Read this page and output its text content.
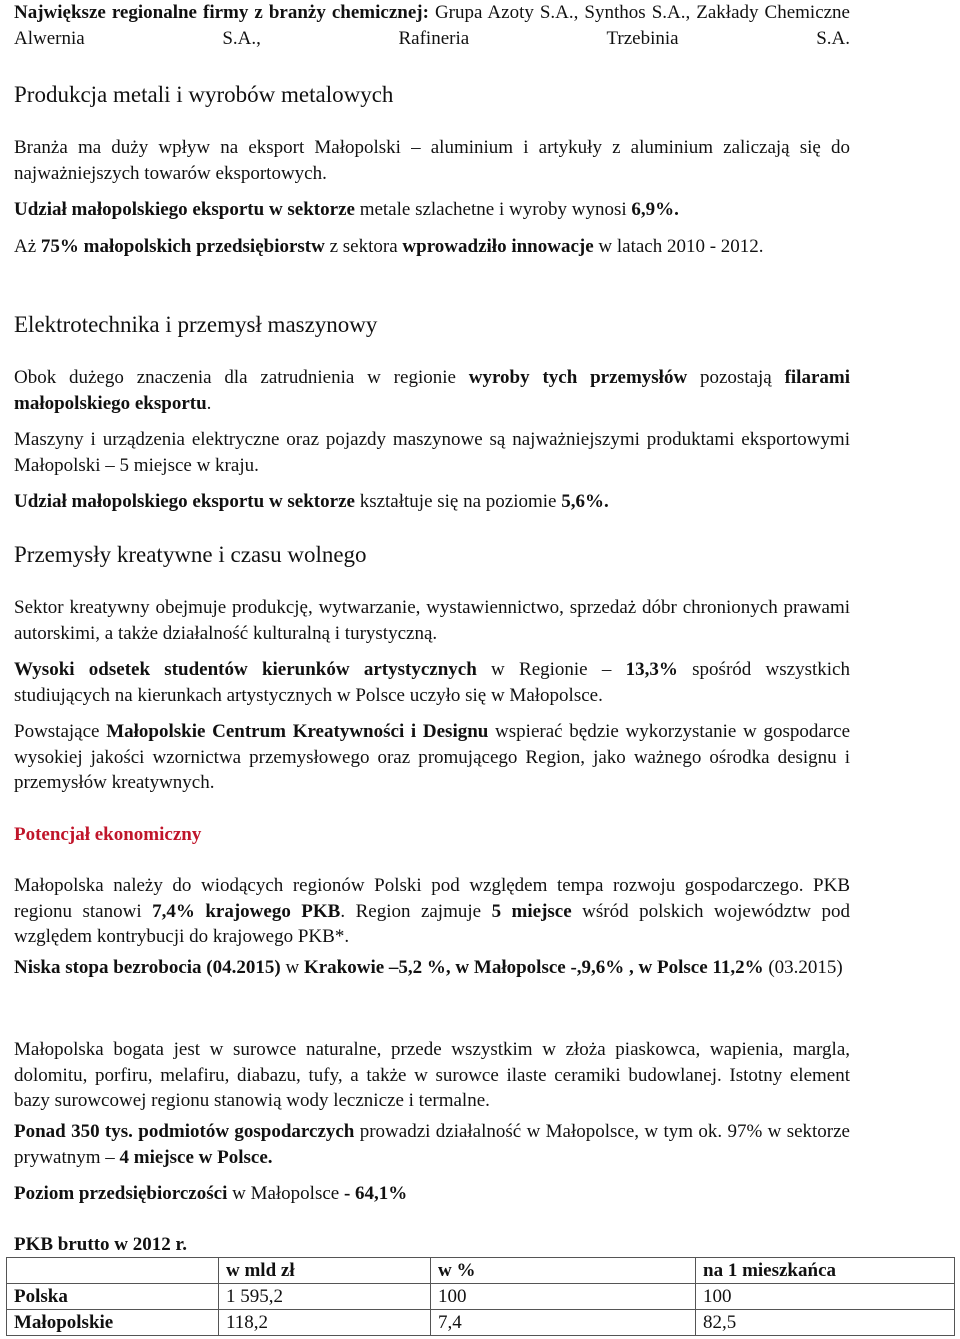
Największe regionalne firmy z branży chemicznej: Grupa Azoty S.A., Synthos S.A., Zakłady Chemiczne Alwernia S.A., Rafineria Trzebinia S.A.

Produkcja metali i wyrobów metalowych

Branża ma duży wpływ na eksport Małopolski – aluminium i artykuły z aluminium zaliczają się do najważniejszych towarów eksportowych.

Udział małopolskiego eksportu w sektorze metale szlachetne i wyroby wynosi 6,9%.

Aż 75% małopolskich przedsiębiorstw z sektora wprowadziło innowacje w latach 2010 - 2012.

Elektrotechnika i przemysł maszynowy

Obok dużego znaczenia dla zatrudnienia w regionie wyroby tych przemysłów pozostają filarami małopolskiego eksportu.

Maszyny i urządzenia elektryczne oraz pojazdy maszynowe są najważniejszymi produktami eksportowymi Małopolski – 5 miejsce w kraju.

Udział małopolskiego eksportu w sektorze kształtuje się na poziomie 5,6%.

Przemysły kreatywne i czasu wolnego

Sektor kreatywny obejmuje produkcję, wytwarzanie, wystawiennictwo, sprzedaż dóbr chronionych prawami autorskimi, a także działalność kulturalną i turystyczną.

Wysoki odsetek studentów kierunków artystycznych w Regionie – 13,3% spośród wszystkich studiujących na kierunkach artystycznych w Polsce uczyło się w Małopolsce.

Powstające Małopolskie Centrum Kreatywności i Designu wspierać będzie wykorzystanie w gospodarce wysokiej jakości wzornictwa przemysłowego oraz promującego Region, jako ważnego ośrodka designu i przemysłów kreatywnych.

Potencjał ekonomiczny

Małopolska należy do wiodących regionów Polski pod względem tempa rozwoju gospodarczego. PKB regionu stanowi 7,4% krajowego PKB. Region zajmuje 5 miejsce wśród polskich województw pod względem kontrybucji do krajowego PKB*.

Niska stopa bezrobocia (04.2015) w Krakowie –5,2 %, w Małopolsce -,9,6% , w Polsce 11,2% (03.2015)

Małopolska bogata jest w surowce naturalne, przede wszystkim w złoża piaskowca, wapienia, margla, dolomitu, porfiru, melafiru, diabazu, tufy, a także w surowce ilaste ceramiki budowlanej. Istotny element bazy surowcowej regionu stanowią wody lecznicze i termalne.

Ponad 350 tys. podmiotów gospodarczych prowadzi działalność w Małopolsce, w tym ok. 97% w sektorze prywatnym – 4 miejsce w Polsce.

Poziom przedsiębiorczości w Małopolsce - 64,1%

PKB brutto w 2012 r.

	w mld zł	w %	na 1 mieszkańca
Polska	1 595,2	100	100
Małopolskie	118,2	7,4	82,5
